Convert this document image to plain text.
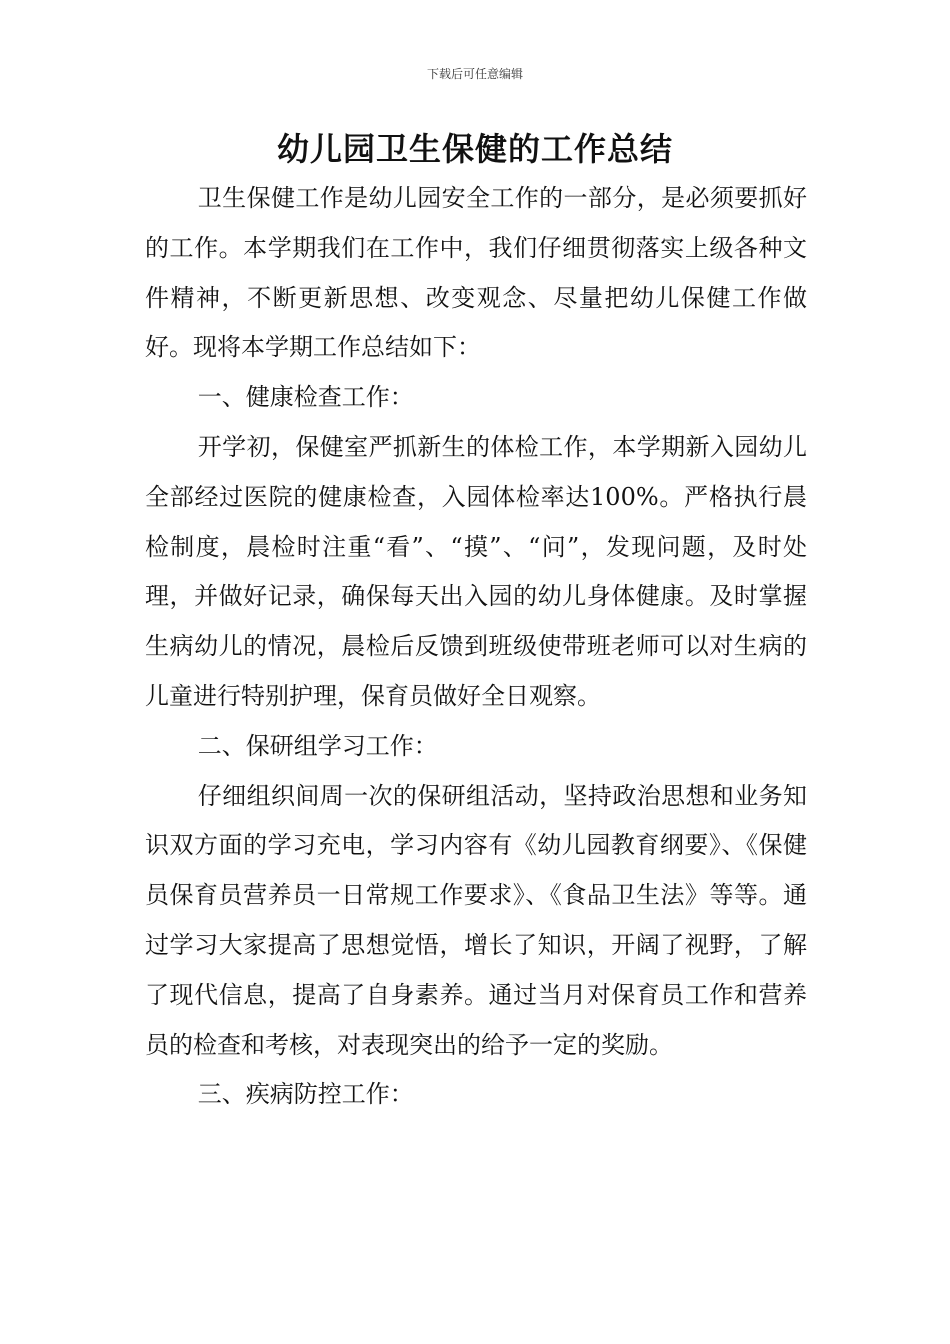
下载后可任意编辑
幼儿园卫生保健的工作总结

卫生保健工作是幼儿园安全工作的一部分，是必须要抓好的工作。本学期我们在工作中，我们仔细贯彻落实上级各种文件精神，不断更新思想、改变观念、尽量把幼儿保健工作做好。现将本学期工作总结如下：

一、健康检查工作：

开学初，保健室严抓新生的体检工作，本学期新入园幼儿全部经过医院的健康检查，入园体检率达100%。严格执行晨检制度，晨检时注重“看”、“摸”、“问”，发现问题，及时处理，并做好记录，确保每天出入园的幼儿身体健康。及时掌握生病幼儿的情况，晨检后反馈到班级使带班老师可以对生病的儿童进行特别护理，保育员做好全日观察。

二、保研组学习工作：

仔细组织间周一次的保研组活动，坚持政治思想和业务知识双方面的学习充电，学习内容有《幼儿园教育纲要》、《保健员保育员营养员一日常规工作要求》、《食品卫生法》等等。通过学习大家提高了思想觉悟，增长了知识，开阔了视野，了解了现代信息，提高了自身素养。通过当月对保育员工作和营养员的检查和考核，对表现突出的给予一定的奖励。

三、疾病防控工作：
